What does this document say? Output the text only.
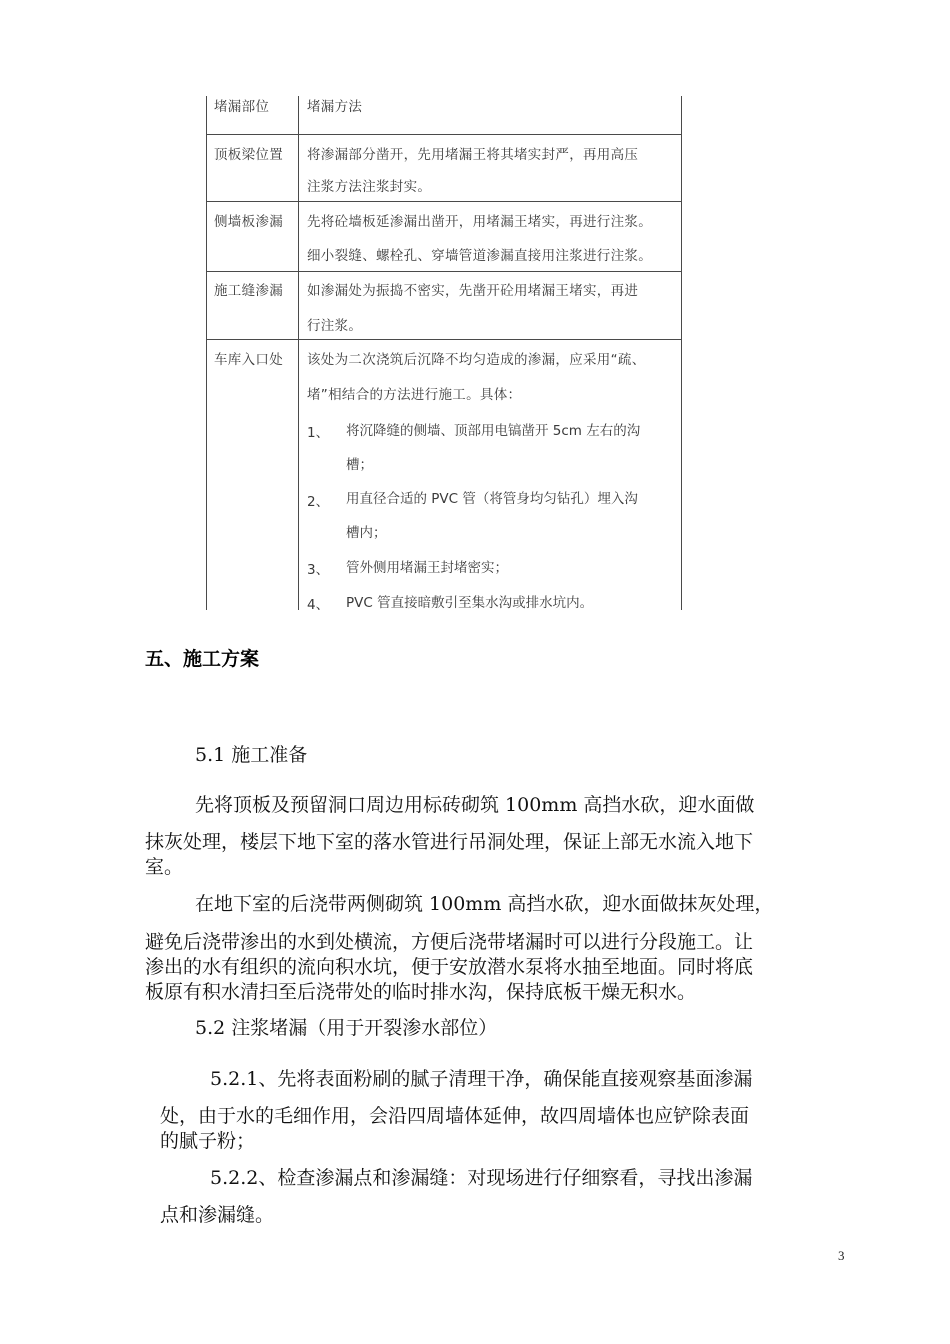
堵漏部位	堵漏方法
顶板梁位置 将渗漏部分凿开，先用堵漏王将其堵实封严，再用高压
注浆方法注浆封实。
侧墙板渗漏 先将砼墙板延渗漏出凿开，用堵漏王堵实，再进行注浆。
细小裂缝、螺栓孔、穿墙管道渗漏直接用注浆进行注浆。
施工缝渗漏 如渗漏处为振捣不密实，先凿开砼用堵漏王堵实，再进
行注浆。
车库入口处 该处为二次浇筑后沉降不均匀造成的渗漏，应采用“疏、
堵”相结合的方法进行施工。具体：
1、 将沉降缝的侧墙、顶部用电镐凿开 5cm 左右的沟
槽；
2、 用直径合适的 PVC 管（将管身均匀钻孔）埋入沟
槽内；
3、 管外侧用堵漏王封堵密实；
4、 PVC 管直接暗敷引至集水沟或排水坑内。
五、施工方案
5.1 施工准备
先将顶板及预留洞口周边用标砖砌筑 100mm 高挡水砍，迎水面做
抹灰处理，楼层下地下室的落水管进行吊洞处理，保证上部无水流入地下
室。
在地下室的后浇带两侧砌筑 100mm 高挡水砍，迎水面做抹灰处理，
避免后浇带渗出的水到处横流，方便后浇带堵漏时可以进行分段施工。让
渗出的水有组织的流向积水坑，便于安放潜水泵将水抽至地面。同时将底
板原有积水清扫至后浇带处的临时排水沟，保持底板干燥无积水。
5.2 注浆堵漏（用于开裂渗水部位）
5.2.1、先将表面粉刷的腻子清理干净，确保能直接观察基面渗漏
处，由于水的毛细作用，会沿四周墙体延伸，故四周墙体也应铲除表面
的腻子粉；
5.2.2、检查渗漏点和渗漏缝：对现场进行仔细察看，寻找出渗漏
点和渗漏缝。
3
